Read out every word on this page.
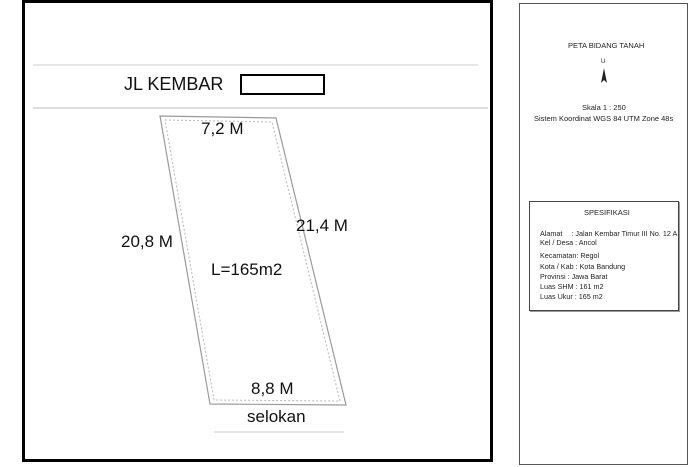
JL KEMBAR
7,2 M
20,8 M
21,4 M
L=165m2
8,8 M
selokan
PETA BIDANG TANAH
U
Skala 1 : 250
Sistem Koordinat WGS 84 UTM Zone 48s
SPESIFIKASI
Alamat : Jalan Kembar Timur III No. 12 A
Kel / Desa : Ancol
Kecamatan: Regol
Kota / Kab : Kota Bandung
Provinsi : Jawa Barat
Luas SHM : 161 m2
Luas Ukur : 165 m2
